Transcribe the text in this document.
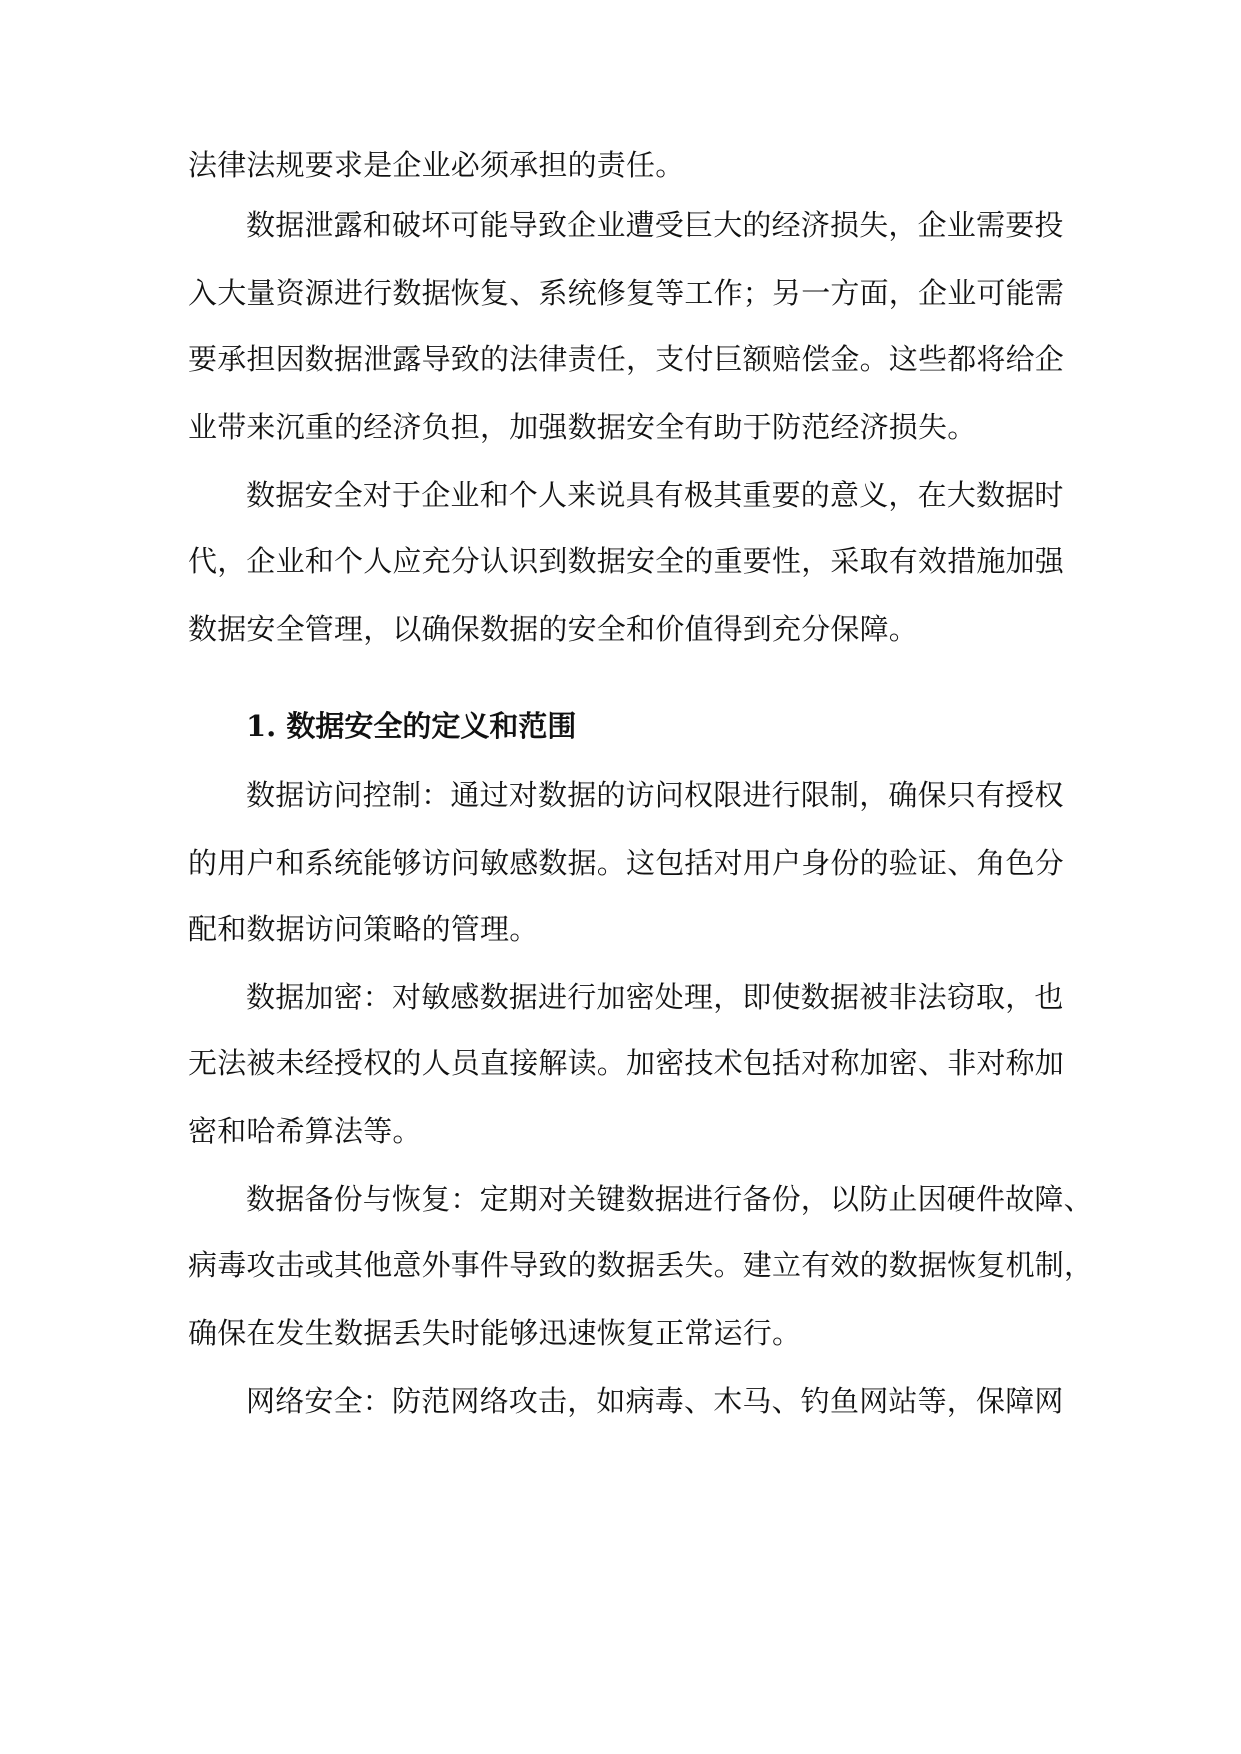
法律法规要求是企业必须承担的责任。
数据泄露和破坏可能导致企业遭受巨大的经济损失，企业需要投
入大量资源进行数据恢复、系统修复等工作；另一方面，企业可能需
要承担因数据泄露导致的法律责任，支付巨额赔偿金。这些都将给企
业带来沉重的经济负担，加强数据安全有助于防范经济损失。
数据安全对于企业和个人来说具有极其重要的意义，在大数据时
代，企业和个人应充分认识到数据安全的重要性，采取有效措施加强
数据安全管理，以确保数据的安全和价值得到充分保障。
1. 数据安全的定义和范围
数据访问控制：通过对数据的访问权限进行限制，确保只有授权
的用户和系统能够访问敏感数据。这包括对用户身份的验证、角色分
配和数据访问策略的管理。
数据加密：对敏感数据进行加密处理，即使数据被非法窃取，也
无法被未经授权的人员直接解读。加密技术包括对称加密、非对称加
密和哈希算法等。
数据备份与恢复：定期对关键数据进行备份，以防止因硬件故障、
病毒攻击或其他意外事件导致的数据丢失。建立有效的数据恢复机制，
确保在发生数据丢失时能够迅速恢复正常运行。
网络安全：防范网络攻击，如病毒、木马、钓鱼网站等，保障网
